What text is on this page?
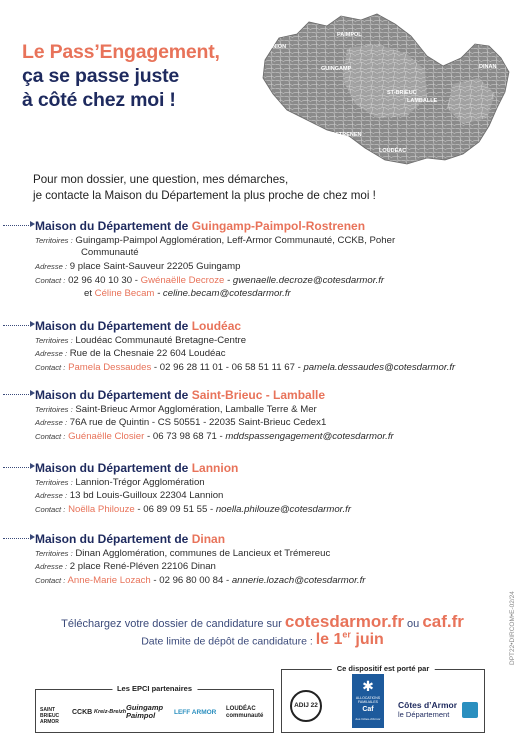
Le Pass’Engagement,
ça se passe juste
à côté chez moi !
PAIMPOL
LANNION
GUINGAMP
ST-BRIEUC
LAMBALLE
DINAN
LOUDÉAC
ROSTRENEN
Pour mon dossier, une question, mes démarches,
je contacte la Maison du Département la plus proche de chez moi !
Maison du Département de Guingamp-Paimpol-Rostrenen
Territoires : Guingamp-Paimpol Agglomération, Leff-Armor Communauté, CCKB, Poher
Communauté
Adresse : 9 place Saint-Sauveur 22205 Guingamp
Contact : 02 96 40 10 30 - Gwénaëlle Decroze - gwenaelle.decroze@cotesdarmor.fr
et Céline Becam - celine.becam@cotesdarmor.fr
Maison du Département de Loudéac
Territoires : Loudéac Communauté Bretagne-Centre
Adresse : Rue de la Chesnaie 22 604 Loudéac
Contact : Pamela Dessaudes - 02 96 28 11 01 - 06 58 51 11 67 - pamela.dessaudes@cotesdarmor.fr
Maison du Département de Saint-Brieuc - Lamballe
Territoires : Saint-Brieuc Armor Agglomération, Lamballe Terre & Mer
Adresse : 76A rue de Quintin - CS 50551 - 22035 Saint-Brieuc Cedex1
Contact : Guénaëlle Closier - 06 73 98 68 71 - mddspassengagement@cotesdarmor.fr
Maison du Département de Lannion
Territoires : Lannion-Trégor Agglomération
Adresse : 13 bd Louis-Guilloux 22304 Lannion
Contact : Noëlla Philouze - 06 89 09 51 55 - noella.philouze@cotesdarmor.fr
Maison du Département de Dinan
Territoires : Dinan Agglomération, communes de Lancieux et Trémereuc
Adresse : 2 place René-Pléven 22106 Dinan
Contact : Anne-Marie Lozach - 02 96 80 00 84 - annerie.lozach@cotesdarmor.fr
Téléchargez votre dossier de candidature sur cotesdarmor.fr ou caf.fr
Date limite de dépôt de candidature : le 1er juin	DPT22•DIRCOM•E-02/24
Les EPCI partenaires
SAINT BRIEUC ARMOR
CCKB Kreiz-Breizh Guingamp Paimpol	LEFF ARMOR LOUDÉAC communauté
Ce dispositif est porté par
ADIJ 22
✱
ALLOCATIONS
FAMILIALES
Caf
des Côtes-d'Armor
Côtes d’Armor
le Département
